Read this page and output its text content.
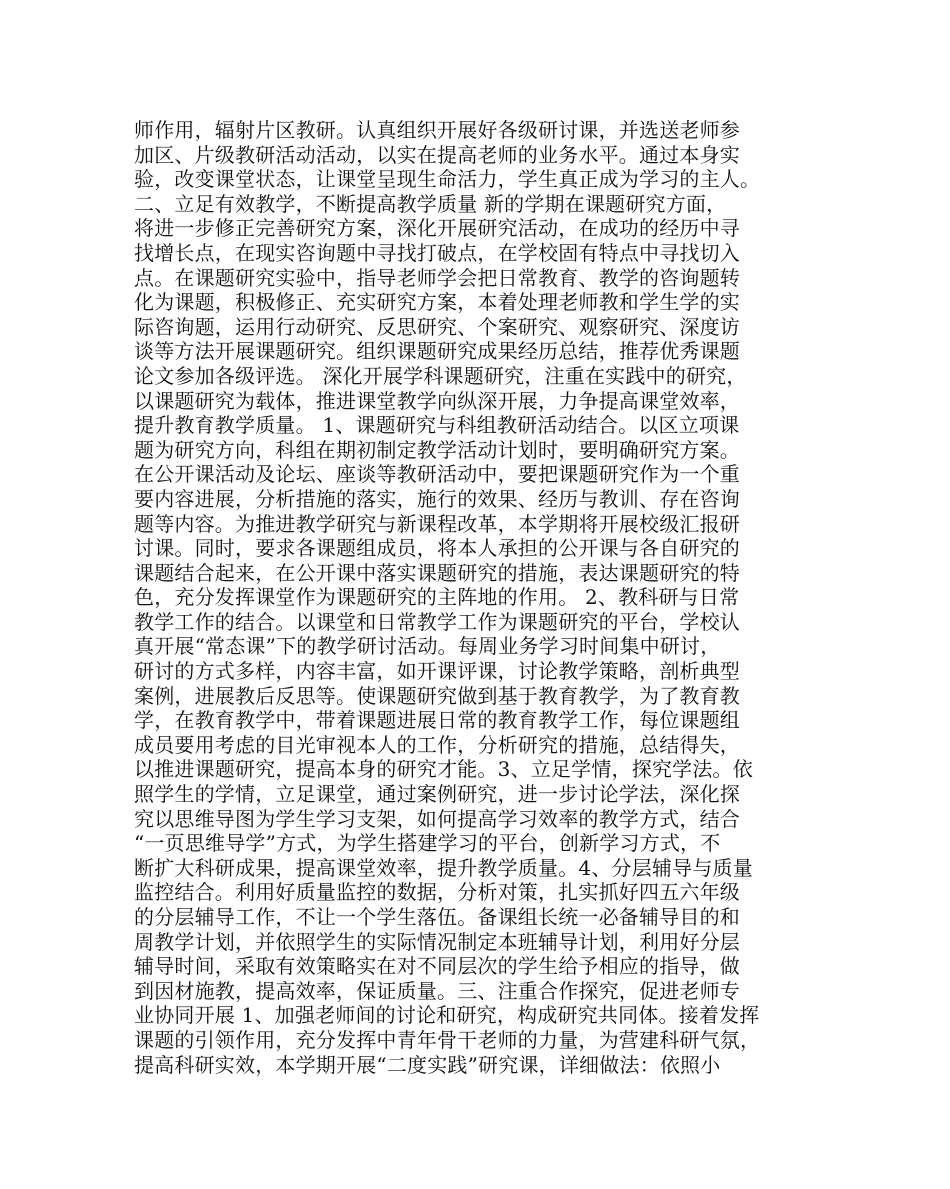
师作用，辐射片区教研。认真组织开展好各级研讨课，并选送老师参
加区、片级教研活动活动，以实在提高老师的业务水平。通过本身实
验，改变课堂状态，让课堂呈现生命活力，学生真正成为学习的主人。
二、立足有效教学，不断提高教学质量 新的学期在课题研究方面，
将进一步修正完善研究方案，深化开展研究活动，在成功的经历中寻
找增长点，在现实咨询题中寻找打破点，在学校固有特点中寻找切入
点。在课题研究实验中，指导老师学会把日常教育、教学的咨询题转
化为课题，积极修正、充实研究方案，本着处理老师教和学生学的实
际咨询题，运用行动研究、反思研究、个案研究、观察研究、深度访
谈等方法开展课题研究。组织课题研究成果经历总结，推荐优秀课题
论文参加各级评选。 深化开展学科课题研究，注重在实践中的研究，
以课题研究为载体，推进课堂教学向纵深开展，力争提高课堂效率，
提升教育教学质量。 1、课题研究与科组教研活动结合。以区立项课
题为研究方向，科组在期初制定教学活动计划时，要明确研究方案。
在公开课活动及论坛、座谈等教研活动中，要把课题研究作为一个重
要内容进展，分析措施的落实，施行的效果、经历与教训、存在咨询
题等内容。为推进教学研究与新课程改革，本学期将开展校级汇报研
讨课。同时，要求各课题组成员，将本人承担的公开课与各自研究的
课题结合起来，在公开课中落实课题研究的措施，表达课题研究的特
色，充分发挥课堂作为课题研究的主阵地的作用。 2、教科研与日常
教学工作的结合。以课堂和日常教学工作为课题研究的平台，学校认
真开展“常态课”下的教学研讨活动。每周业务学习时间集中研讨，
研讨的方式多样，内容丰富，如开课评课，讨论教学策略，剖析典型
案例，进展教后反思等。使课题研究做到基于教育教学，为了教育教
学，在教育教学中，带着课题进展日常的教育教学工作，每位课题组
成员要用考虑的目光审视本人的工作，分析研究的措施，总结得失，
以推进课题研究，提高本身的研究才能。3、立足学情，探究学法。依
照学生的学情，立足课堂，通过案例研究，进一步讨论学法，深化探
究以思维导图为学生学习支架，如何提高学习效率的教学方式，结合
“一页思维导学”方式，为学生搭建学习的平台，创新学习方式，不
断扩大科研成果，提高课堂效率，提升教学质量。4、分层辅导与质量
监控结合。利用好质量监控的数据，分析对策，扎实抓好四五六年级
的分层辅导工作，不让一个学生落伍。备课组长统一必备辅导目的和
周教学计划，并依照学生的实际情况制定本班辅导计划，利用好分层
辅导时间，采取有效策略实在对不同层次的学生给予相应的指导，做
到因材施教，提高效率，保证质量。三、注重合作探究，促进老师专
业协同开展 1、加强老师间的讨论和研究，构成研究共同体。接着发挥
课题的引领作用，充分发挥中青年骨干老师的力量，为营建科研气氛，
提高科研实效，本学期开展“二度实践”研究课，详细做法：依照小
